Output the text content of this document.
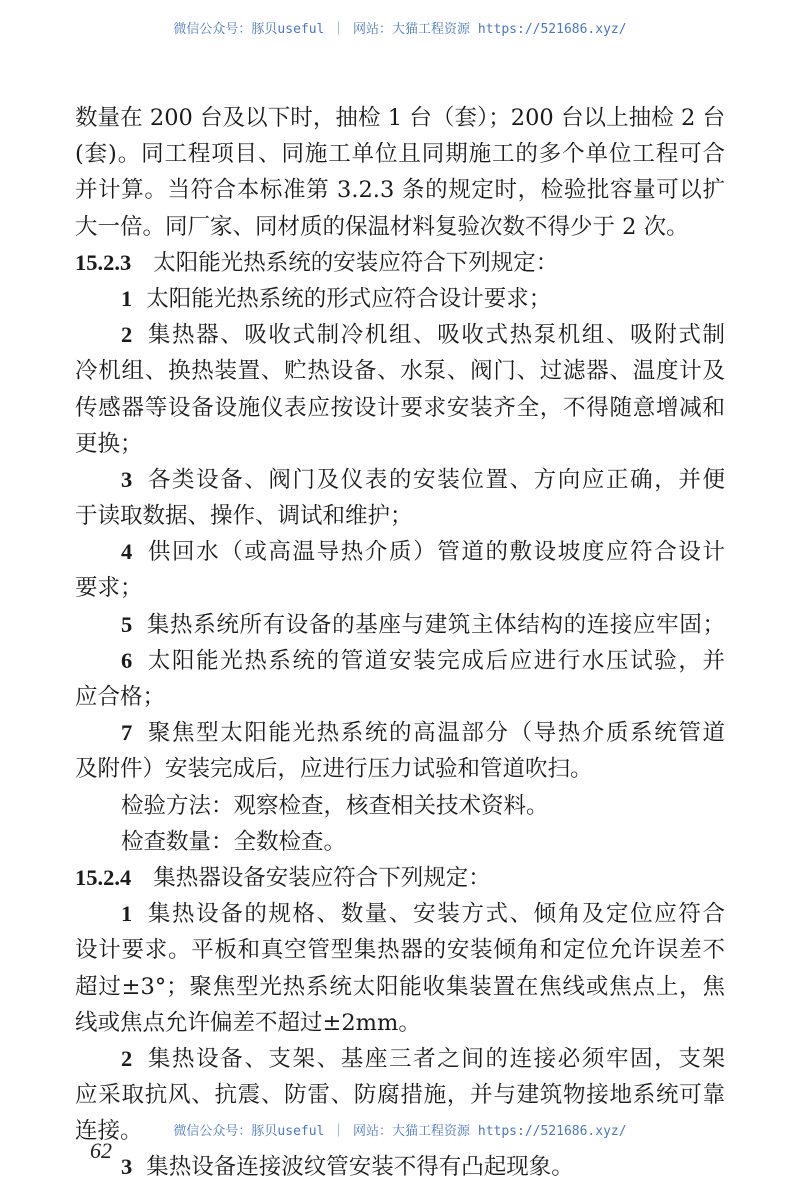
微信公众号：豚贝useful ｜ 网站：大猫工程资源 https://521686.xyz/
数量在 200 台及以下时，抽检 1 台（套）；200 台以上抽检 2 台
(套)。同工程项目、同施工单位且同期施工的多个单位工程可合
并计算。当符合本标准第 3.2.3 条的规定时，检验批容量可以扩
大一倍。同厂家、同材质的保温材料复验次数不得少于 2 次。
15.2.3 太阳能光热系统的安装应符合下列规定：
1 太阳能光热系统的形式应符合设计要求；
2 集热器、吸收式制冷机组、吸收式热泵机组、吸附式制
冷机组、换热装置、贮热设备、水泵、阀门、过滤器、温度计及
传感器等设备设施仪表应按设计要求安装齐全，不得随意增减和
更换；
3 各类设备、阀门及仪表的安装位置、方向应正确，并便
于读取数据、操作、调试和维护；
4 供回水（或高温导热介质）管道的敷设坡度应符合设计
要求；
5 集热系统所有设备的基座与建筑主体结构的连接应牢固；
6 太阳能光热系统的管道安装完成后应进行水压试验，并
应合格；
7 聚焦型太阳能光热系统的高温部分（导热介质系统管道
及附件）安装完成后，应进行压力试验和管道吹扫。
检验方法：观察检查，核查相关技术资料。
检查数量：全数检查。
15.2.4 集热器设备安装应符合下列规定：
1 集热设备的规格、数量、安装方式、倾角及定位应符合
设计要求。平板和真空管型集热器的安装倾角和定位允许误差不
超过±3°；聚焦型光热系统太阳能收集装置在焦线或焦点上，焦
线或焦点允许偏差不超过±2mm。
2 集热设备、支架、基座三者之间的连接必须牢固，支架
应采取抗风、抗震、防雷、防腐措施，并与建筑物接地系统可靠
连接。
3 集热设备连接波纹管安装不得有凸起现象。
微信公众号：豚贝useful ｜ 网站：大猫工程资源 https://521686.xyz/
62
